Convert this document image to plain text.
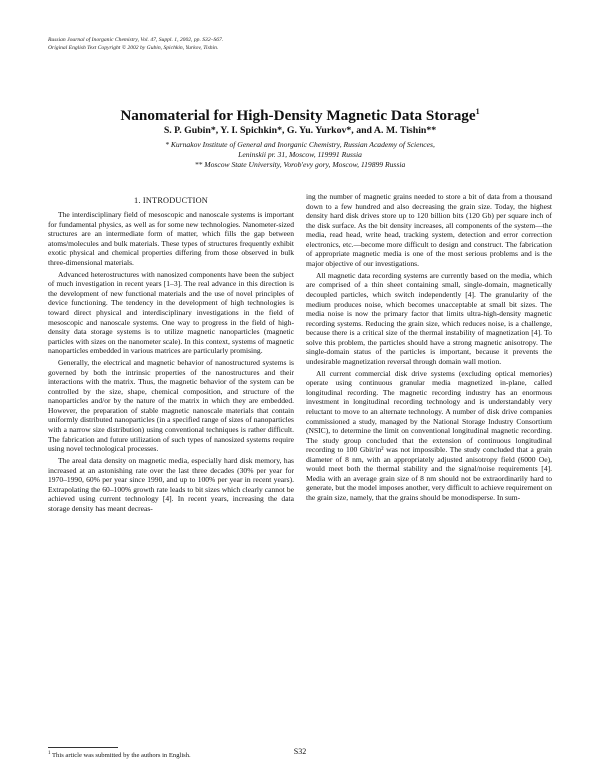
Russian Journal of Inorganic Chemistry, Vol. 47, Suppl. 1, 2002, pp. S32–S67.
Original English Text Copyright © 2002 by Gubin, Spichkin, Yurkov, Tishin.
Nanomaterial for High-Density Magnetic Data Storage$^1$
S. P. Gubin*, Y. I. Spichkin*, G. Yu. Yurkov*, and A. M. Tishin**
* Kurnakov Institute of General and Inorganic Chemistry, Russian Academy of Sciences,
Leninskii pr. 31, Moscow, 119991 Russia
** Moscow State University, Vorob'evy gory, Moscow, 119899 Russia
1. INTRODUCTION

The interdisciplinary field of mesoscopic and nanoscale systems is important for fundamental physics, as well as for some new technologies. Nanometer-sized structures are an intermediate form of matter, which fills the gap between atoms/molecules and bulk materials. These types of structures frequently exhibit exotic physical and chemical properties differing from those observed in bulk three-dimensional materials.

Advanced heterostructures with nanosized components have been the subject of much investigation in recent years [1–3]. The real advance in this direction is the development of new functional materials and the use of novel principles of device functioning. The tendency in the development of high technologies is toward direct physical and interdisciplinary investigations in the field of mesoscopic and nanoscale systems. One way to progress in the field of high-density data storage systems is to utilize magnetic nanoparticles (magnetic particles with sizes on the nanometer scale). In this context, systems of magnetic nanoparticles embedded in various matrices are particularly promising.

Generally, the electrical and magnetic behavior of nanostructured systems is governed by both the intrinsic properties of the nanostructures and their interactions with the matrix. Thus, the magnetic behavior of the system can be controlled by the size, shape, chemical composition, and structure of the nanoparticles and/or by the nature of the matrix in which they are embedded. However, the preparation of stable magnetic nanoscale materials that contain uniformly distributed nanoparticles (in a specified range of sizes of nanoparticles with a narrow size distribution) using conventional techniques is rather difficult. The fabrication and future utilization of such types of nanosized systems require using novel technological processes.

The areal data density on magnetic media, especially hard disk memory, has increased at an astonishing rate over the last three decades (30% per year for 1970–1990, 60% per year since 1990, and up to 100% per year in recent years). Extrapolating the 60–100% growth rate leads to bit sizes which clearly cannot be achieved using current technology [4]. In recent years, increasing the data storage density has meant decreas-

ing the number of magnetic grains needed to store a bit of data from a thousand down to a few hundred and also decreasing the grain size. Today, the highest density hard disk drives store up to 120 billion bits (120 Gb) per square inch of the disk surface. As the bit density increases, all components of the system—the media, read head, write head, tracking system, detection and error correction electronics, etc.—become more difficult to design and construct. The fabrication of appropriate magnetic media is one of the most serious problems and is the major objective of our investigations.

All magnetic data recording systems are currently based on the media, which are comprised of a thin sheet containing small, single-domain, magnetically decoupled particles, which switch independently [4]. The granularity of the medium produces noise, which becomes unacceptable at small bit sizes. The media noise is now the primary factor that limits ultra-high-density magnetic recording systems. Reducing the grain size, which reduces noise, is a challenge, because there is a critical size of the thermal instability of magnetization [4]. To solve this problem, the particles should have a strong magnetic anisotropy. The single-domain status of the particles is important, because it prevents the undesirable magnetization reversal through domain wall motion.

All current commercial disk drive systems (excluding optical memories) operate using continuous granular media magnetized in-plane, called longitudinal recording. The magnetic recording industry has an enormous investment in longitudinal recording technology and is understandably very reluctant to move to an alternate technology. A number of disk drive companies commissioned a study, managed by the National Storage Industry Consortium (NSIC), to determine the limit on conventional longitudinal magnetic recording. The study group concluded that the extension of continuous longitudinal recording to 100 Gbit/in² was not impossible. The study concluded that a grain diameter of 8 nm, with an appropriately adjusted anisotropy field (6000 Oe), would meet both the thermal stability and the signal/noise requirements [4]. Media with an average grain size of 8 nm should not be extraordinarily hard to generate, but the model imposes another, very difficult to achieve requirement on the grain size, namely, that the grains should be monodisperse. In sum-

$^1$ This article was submitted by the authors in English.	S32
